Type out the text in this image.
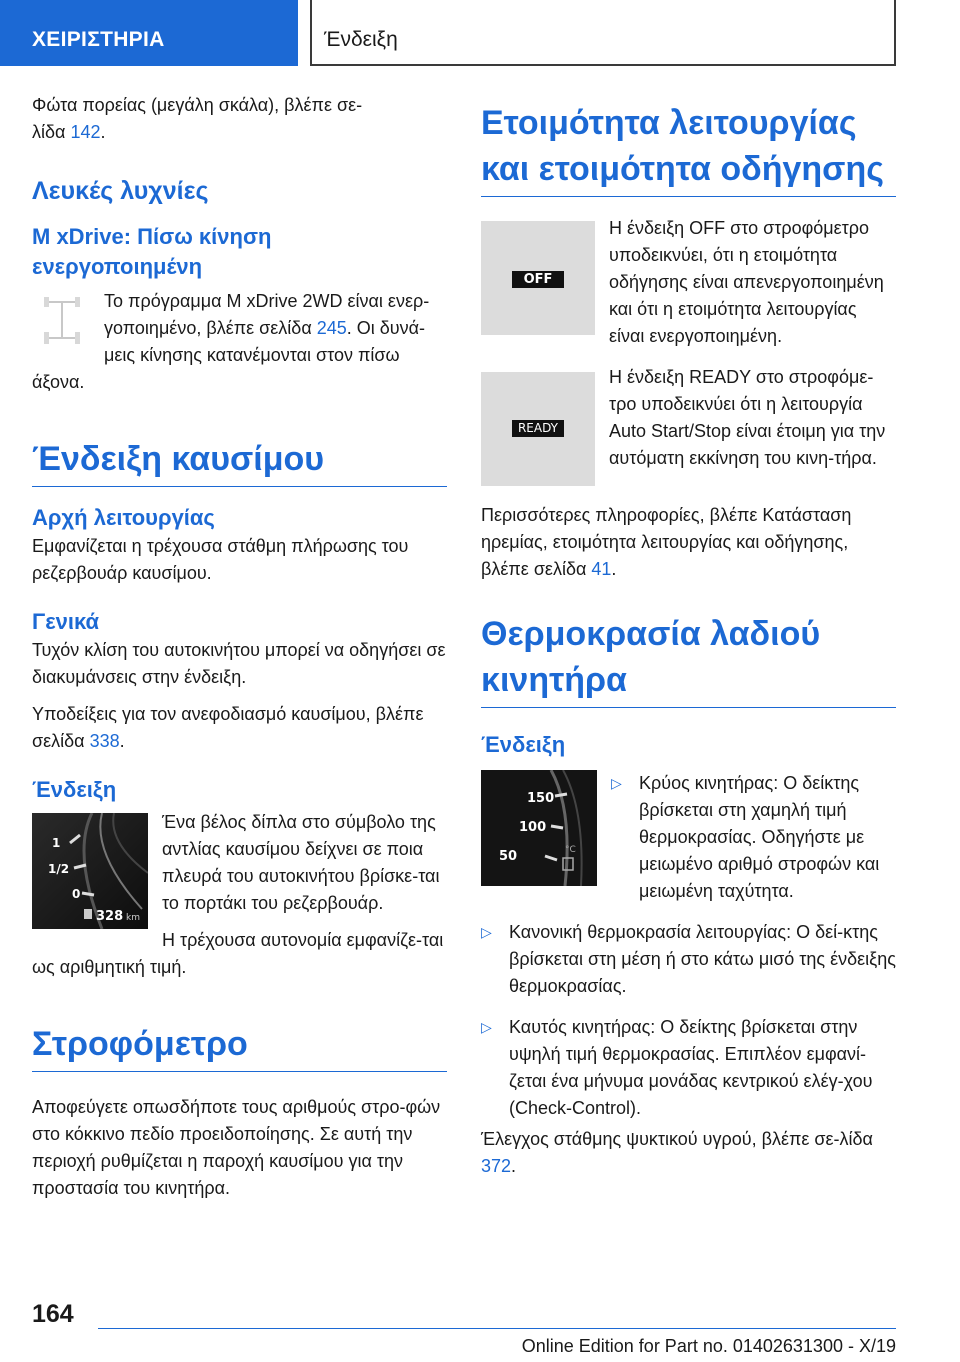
ΧΕΙΡΙΣΤΗΡΙΑ	Ένδειξη

Φώτα πορείας (μεγάλη σκάλα), βλέπε σε-
λίδα 142.

Λευκές λυχνίες
M xDrive: Πίσω κίνηση ενεργοποιημένη

Το πρόγραμμα M xDrive 2WD είναι ενερ-γοποιημένο, βλέπε σελίδα 245. Οι δυνά-μεις κίνησης κατανέμονται στον πίσω άξονα.

Ένδειξη καυσίμου
Αρχή λειτουργίας

Εμφανίζεται η τρέχουσα στάθμη πλήρωσης του ρεζερβουάρ καυσίμου.

Γενικά

Τυχόν κλίση του αυτοκινήτου μπορεί να οδηγήσει σε διακυμάνσεις στην ένδειξη.

Υποδείξεις για τον ανεφοδιασμό καυσίμου, βλέπε σελίδα 338.

Ένδειξη
1
1/2
0
328 km

Ένα βέλος δίπλα στο σύμβολο της αντλίας καυσίμου δείχνει σε ποια πλευρά του αυτοκινήτου βρίσκε-ται το πορτάκι του ρεζερβουάρ.

Η τρέχουσα αυτονομία εμφανίζε-ται ως αριθμητική τιμή.

Στροφόμετρο

Αποφεύγετε οπωσδήποτε τους αριθμούς στρο-φών στο κόκκινο πεδίο προειδοποίησης. Σε αυτή την περιοχή ρυθμίζεται η παροχή καυσίμου για την προστασία του κινητήρα.

Ετοιμότητα λειτουργίας και ετοιμότητα οδήγησης
OFF

Η ένδειξη OFF στο στροφόμετρο υποδεικνύει, ότι η ετοιμότητα οδήγησης είναι απενεργοποιημένη και ότι η ετοιμότητα λειτουργίας είναι ενεργοποιημένη.

READY

Η ένδειξη READY στο στροφόμε-τρο υποδεικνύει ότι η λειτουργία Auto Start/Stop είναι έτοιμη για την αυτόματη εκκίνηση του κινη-τήρα.

Περισσότερες πληροφορίες, βλέπε Κατάσταση ηρεμίας, ετοιμότητα λειτουργίας και οδήγησης, βλέπε σελίδα 41.

Θερμοκρασία λαδιού κινητήρα
Ένδειξη
150
100
50	°C
▷ Κρύος κινητήρας: Ο δείκτης βρίσκεται στη χαμηλή τιμή θερμοκρασίας. Οδηγήστε με μειωμένο αριθμό στροφών και μειωμένη ταχύτητα.
▷ Κανονική θερμοκρασία λειτουργίας: Ο δεί-κτης βρίσκεται στη μέση ή στο κάτω μισό της ένδειξης θερμοκρασίας.
▷ Καυτός κινητήρας: Ο δείκτης βρίσκεται στην υψηλή τιμή θερμοκρασίας. Επιπλέον εμφανί-ζεται ένα μήνυμα μονάδας κεντρικού ελέγ-χου (Check-Control).

Έλεγχος στάθμης ψυκτικού υγρού, βλέπε σε-λίδα 372.

164
Online Edition for Part no. 01402631300 - X/19
